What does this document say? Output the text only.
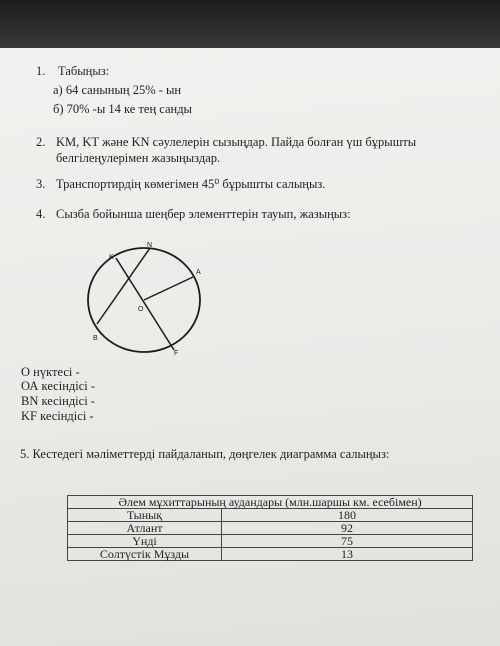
1. Табыңыз:
а) 64 санының 25% - ын
б) 70% -ы 14 ке тең санды
2. KM, KT және KN сәулелерін сызыңдар. Пайда болған үш бұрышты
белгілеңулерімен жазыңыздар.
3. Транспортирдің көмегімен 45⁰ бұрышты салыңыз.
4. Сызба бойынша шеңбер элементтерін тауып, жазыңыз:
N
K
A
O
B
F
О нүктесі -
ОА кесіндісі -
BN кесіндісі -
KF кесіндісі -
5. Кестедегі мәліметтерді пайдаланып, дөңгелек диаграмма салыңыз:
Әлем мұхиттарының аудандары (млн.шаршы км. есебімен)	
Тынық	180
Атлант	92
Үнді	75
Солтүстік Мұзды	13
